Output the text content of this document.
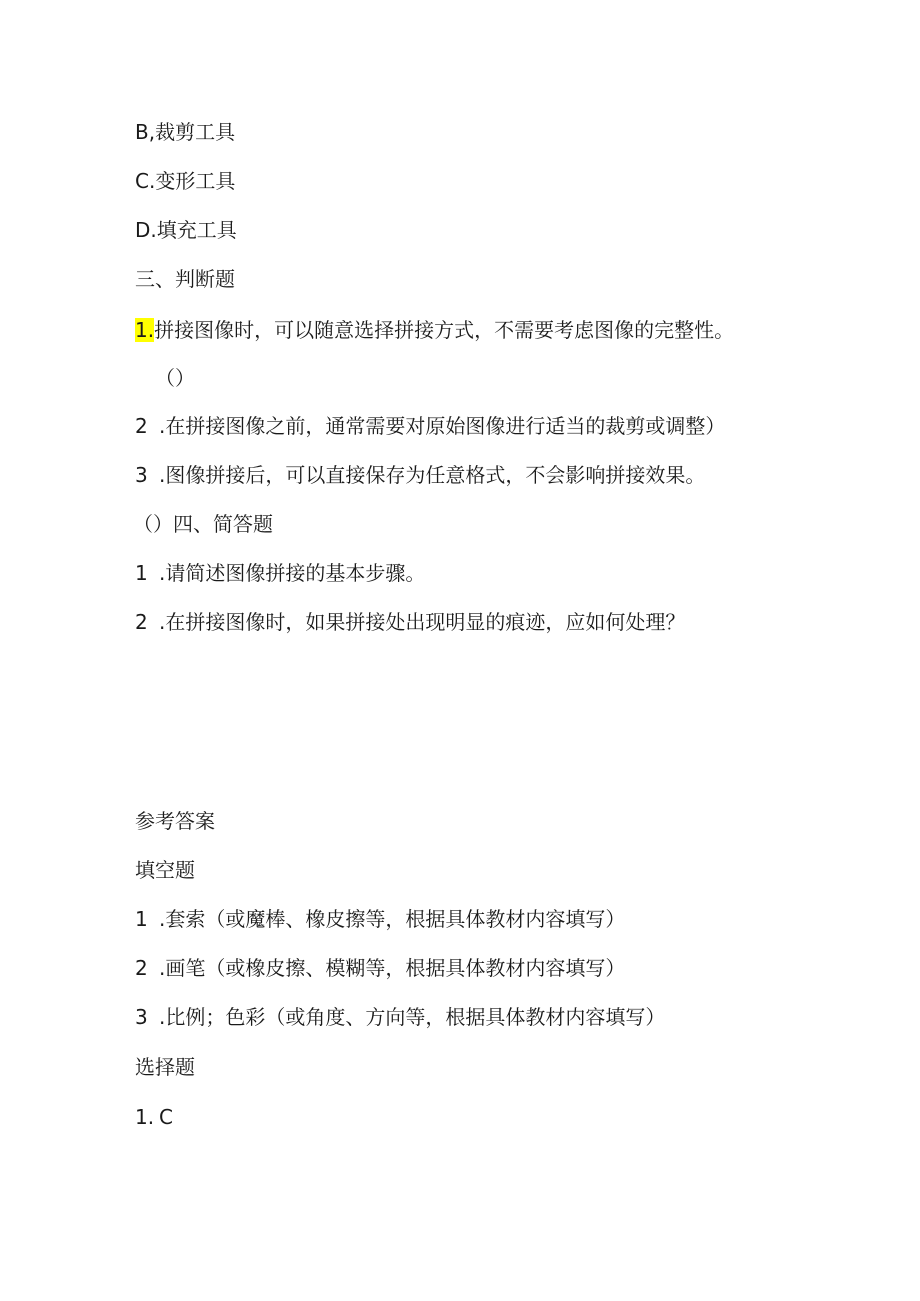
B,裁剪工具
C.变形工具
D.填充工具
三、判断题
1.拼接图像时，可以随意选择拼接方式，不需要考虑图像的完整性。
（）
2 .在拼接图像之前，通常需要对原始图像进行适当的裁剪或调整）
3 .图像拼接后，可以直接保存为任意格式，不会影响拼接效果。
（）四、简答题
1 .请简述图像拼接的基本步骤。
2 .在拼接图像时，如果拼接处出现明显的痕迹，应如何处理？
参考答案
填空题
1 .套索（或魔棒、橡皮擦等，根据具体教材内容填写）
2 .画笔（或橡皮擦、模糊等，根据具体教材内容填写）
3 .比例；色彩（或角度、方向等，根据具体教材内容填写）
选择题
1. C
